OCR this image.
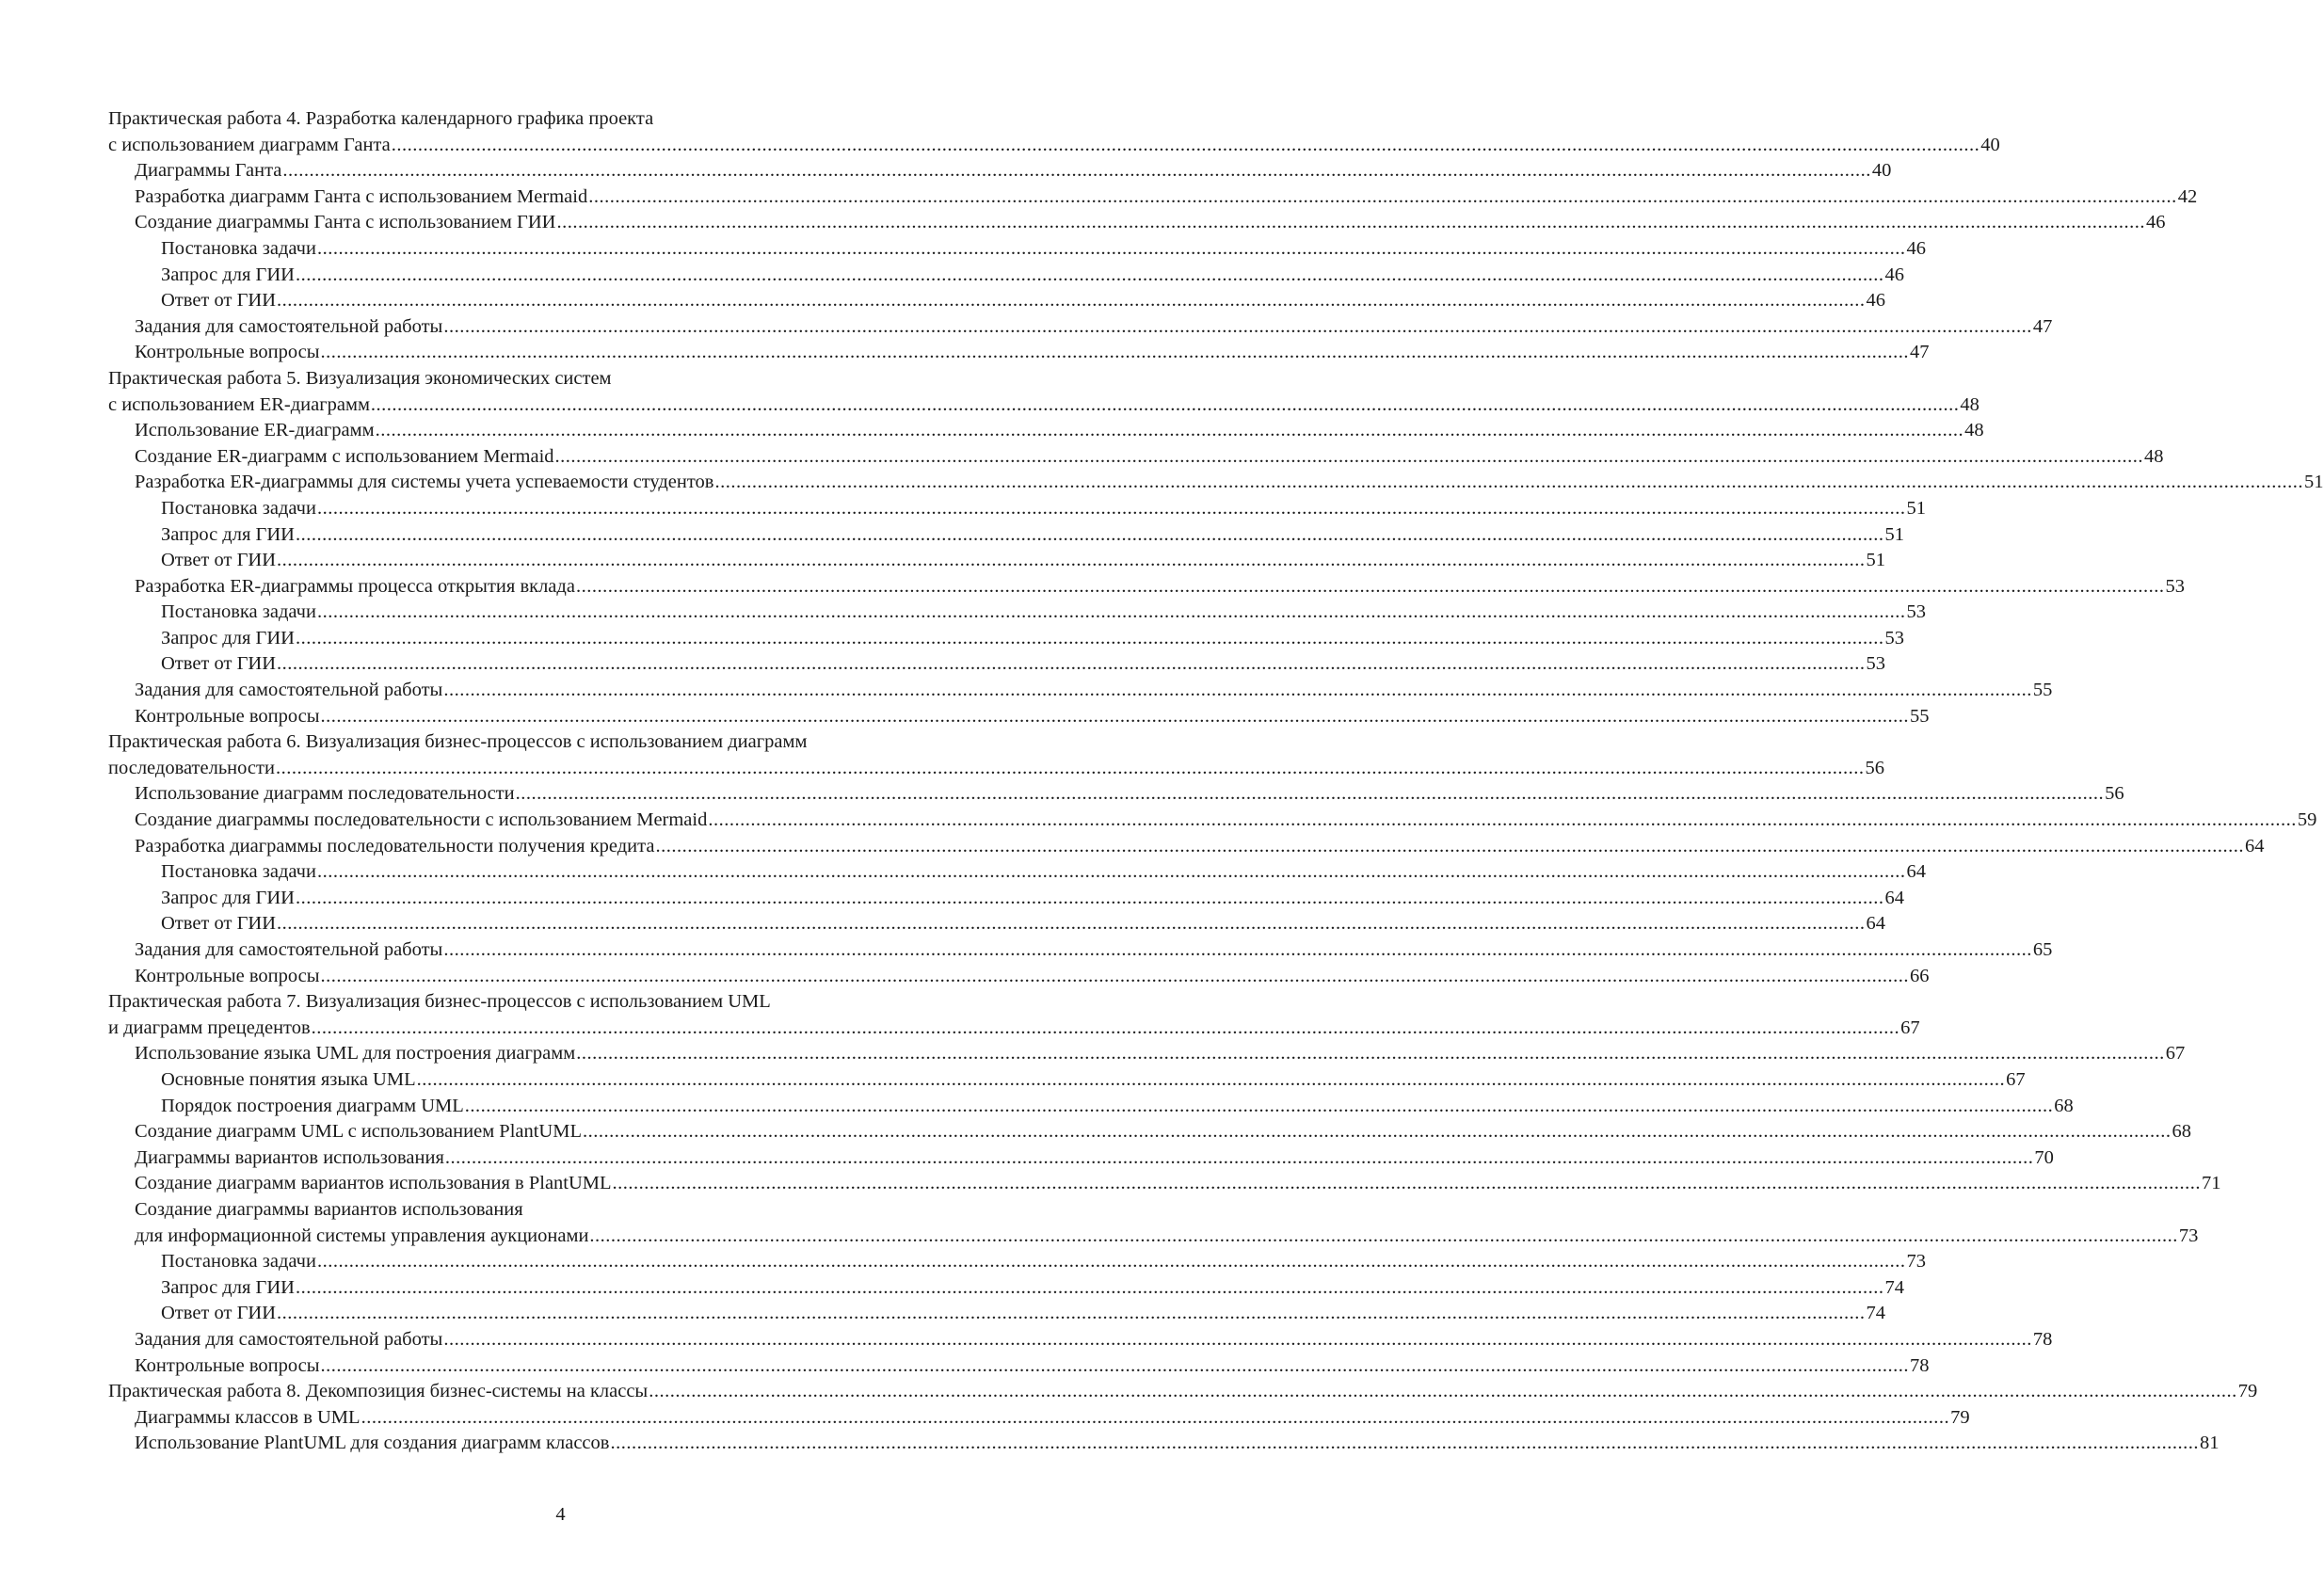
Практическая работа 4. Разработка календарного графика проекта
с использованием диаграмм Ганта ............................................................................................................................................................................................................................................................................................................ 40
Диаграммы Ганта ............................................................................................................................................................................................................................................................................................................ 40
Разработка диаграмм Ганта с использованием Mermaid ............................................................................................................................................................................................................................................................................................................ 42
Создание диаграммы Ганта с использованием ГИИ ............................................................................................................................................................................................................................................................................................................ 46
Постановка задачи ............................................................................................................................................................................................................................................................................................................ 46
Запрос для ГИИ ............................................................................................................................................................................................................................................................................................................ 46
Ответ от ГИИ ............................................................................................................................................................................................................................................................................................................ 46
Задания для самостоятельной работы ............................................................................................................................................................................................................................................................................................................ 47
Контрольные вопросы ............................................................................................................................................................................................................................................................................................................ 47
Практическая работа 5. Визуализация экономических систем
с использованием ER-диаграмм ............................................................................................................................................................................................................................................................................................................ 48
Использование ER-диаграмм ............................................................................................................................................................................................................................................................................................................ 48
Создание ER-диаграмм с использованием Mermaid ............................................................................................................................................................................................................................................................................................................ 48
Разработка ER-диаграммы для системы учета успеваемости студентов ............................................................................................................................................................................................................................................................................................................ 51
Постановка задачи ............................................................................................................................................................................................................................................................................................................ 51
Запрос для ГИИ ............................................................................................................................................................................................................................................................................................................ 51
Ответ от ГИИ ............................................................................................................................................................................................................................................................................................................ 51
Разработка ER-диаграммы процесса открытия вклада ............................................................................................................................................................................................................................................................................................................ 53
Постановка задачи ............................................................................................................................................................................................................................................................................................................ 53
Запрос для ГИИ ............................................................................................................................................................................................................................................................................................................ 53
Ответ от ГИИ ............................................................................................................................................................................................................................................................................................................ 53
Задания для самостоятельной работы ............................................................................................................................................................................................................................................................................................................ 55
Контрольные вопросы ............................................................................................................................................................................................................................................................................................................ 55
Практическая работа 6. Визуализация бизнес-процессов с использованием диаграмм
последовательности ............................................................................................................................................................................................................................................................................................................ 56
Использование диаграмм последовательности ............................................................................................................................................................................................................................................................................................................ 56
Создание диаграммы последовательности с использованием Mermaid ............................................................................................................................................................................................................................................................................................................ 59
Разработка диаграммы последовательности получения кредита ............................................................................................................................................................................................................................................................................................................ 64
Постановка задачи ............................................................................................................................................................................................................................................................................................................ 64
Запрос для ГИИ ............................................................................................................................................................................................................................................................................................................ 64
Ответ от ГИИ ............................................................................................................................................................................................................................................................................................................ 64
Задания для самостоятельной работы ............................................................................................................................................................................................................................................................................................................ 65
Контрольные вопросы ............................................................................................................................................................................................................................................................................................................ 66
Практическая работа 7. Визуализация бизнес-процессов с использованием UML
и диаграмм прецедентов ............................................................................................................................................................................................................................................................................................................ 67
Использование языка UML для построения диаграмм ............................................................................................................................................................................................................................................................................................................ 67
Основные понятия языка UML ............................................................................................................................................................................................................................................................................................................ 67
Порядок построения диаграмм UML ............................................................................................................................................................................................................................................................................................................ 68
Создание диаграмм UML с использованием PlantUML ............................................................................................................................................................................................................................................................................................................ 68
Диаграммы вариантов использования ............................................................................................................................................................................................................................................................................................................ 70
Создание диаграмм вариантов использования в PlantUML ............................................................................................................................................................................................................................................................................................................ 71
Создание диаграммы вариантов использования
для информационной системы управления аукционами ............................................................................................................................................................................................................................................................................................................ 73
Постановка задачи ............................................................................................................................................................................................................................................................................................................ 73
Запрос для ГИИ ............................................................................................................................................................................................................................................................................................................ 74
Ответ от ГИИ ............................................................................................................................................................................................................................................................................................................ 74
Задания для самостоятельной работы ............................................................................................................................................................................................................................................................................................................ 78
Контрольные вопросы ............................................................................................................................................................................................................................................................................................................ 78
Практическая работа 8. Декомпозиция бизнес-системы на классы ............................................................................................................................................................................................................................................................................................................ 79
Диаграммы классов в UML ............................................................................................................................................................................................................................................................................................................ 79
Использование PlantUML для создания диаграмм классов ............................................................................................................................................................................................................................................................................................................ 81
4
